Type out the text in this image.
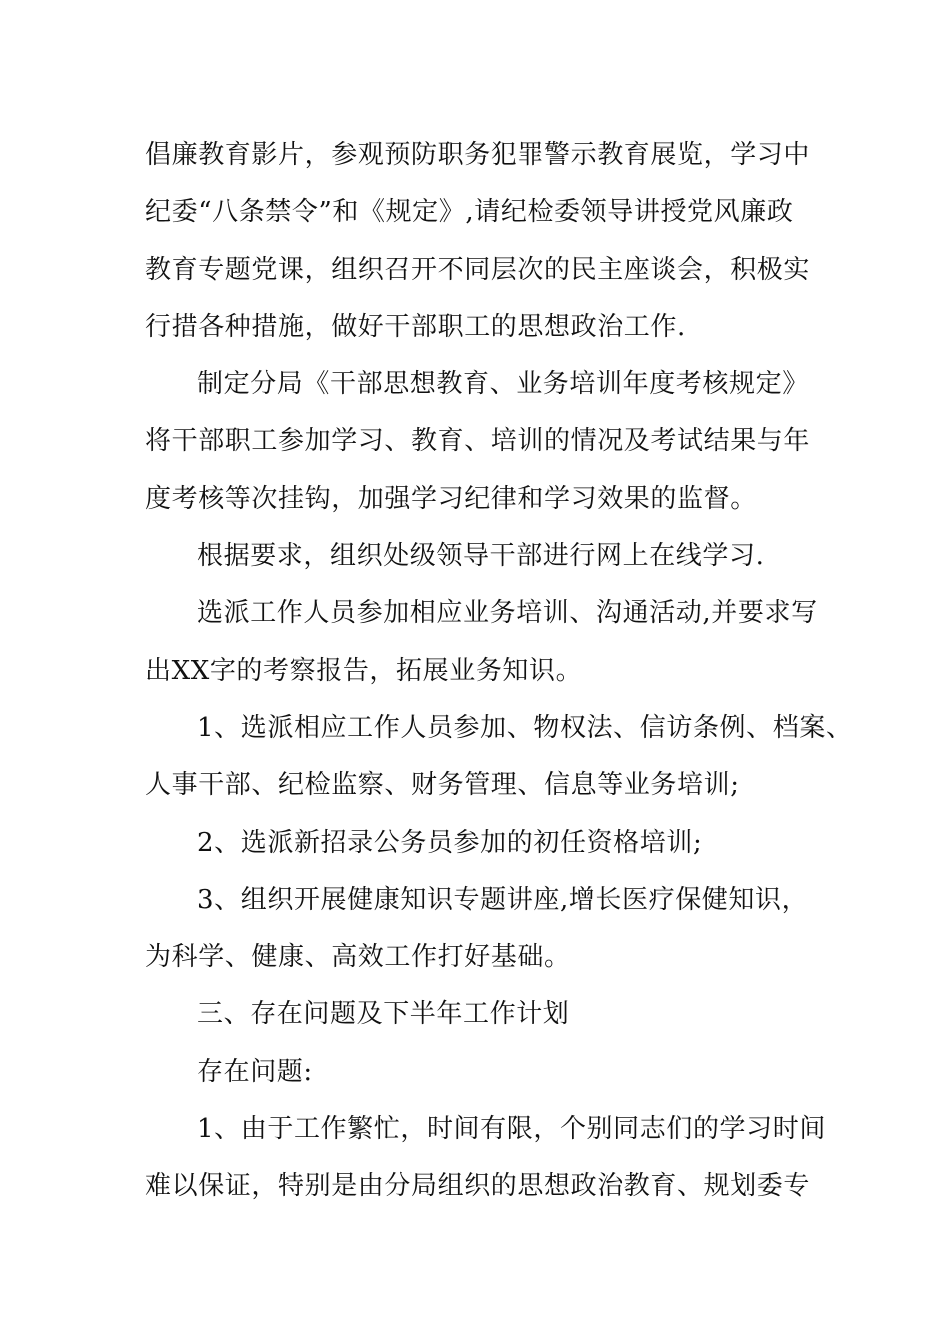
倡廉教育影片，参观预防职务犯罪警示教育展览，学习中
纪委“八条禁令”和《规定》,请纪检委领导讲授党风廉政
教育专题党课，组织召开不同层次的民主座谈会，积极实
行措各种措施，做好干部职工的思想政治工作.
制定分局《干部思想教育、业务培训年度考核规定》
将干部职工参加学习、教育、培训的情况及考试结果与年
度考核等次挂钩，加强学习纪律和学习效果的监督。
根据要求，组织处级领导干部进行网上在线学习.
选派工作人员参加相应业务培训、沟通活动,并要求写
出XX字的考察报告，拓展业务知识。
1、选派相应工作人员参加、物权法、信访条例、档案、
人事干部、纪检监察、财务管理、信息等业务培训;
2、选派新招录公务员参加的初任资格培训;
3、组织开展健康知识专题讲座,增长医疗保健知识，
为科学、健康、高效工作打好基础。
三、存在问题及下半年工作计划
存在问题:
1、由于工作繁忙，时间有限，个别同志们的学习时间
难以保证，特别是由分局组织的思想政治教育、规划委专
